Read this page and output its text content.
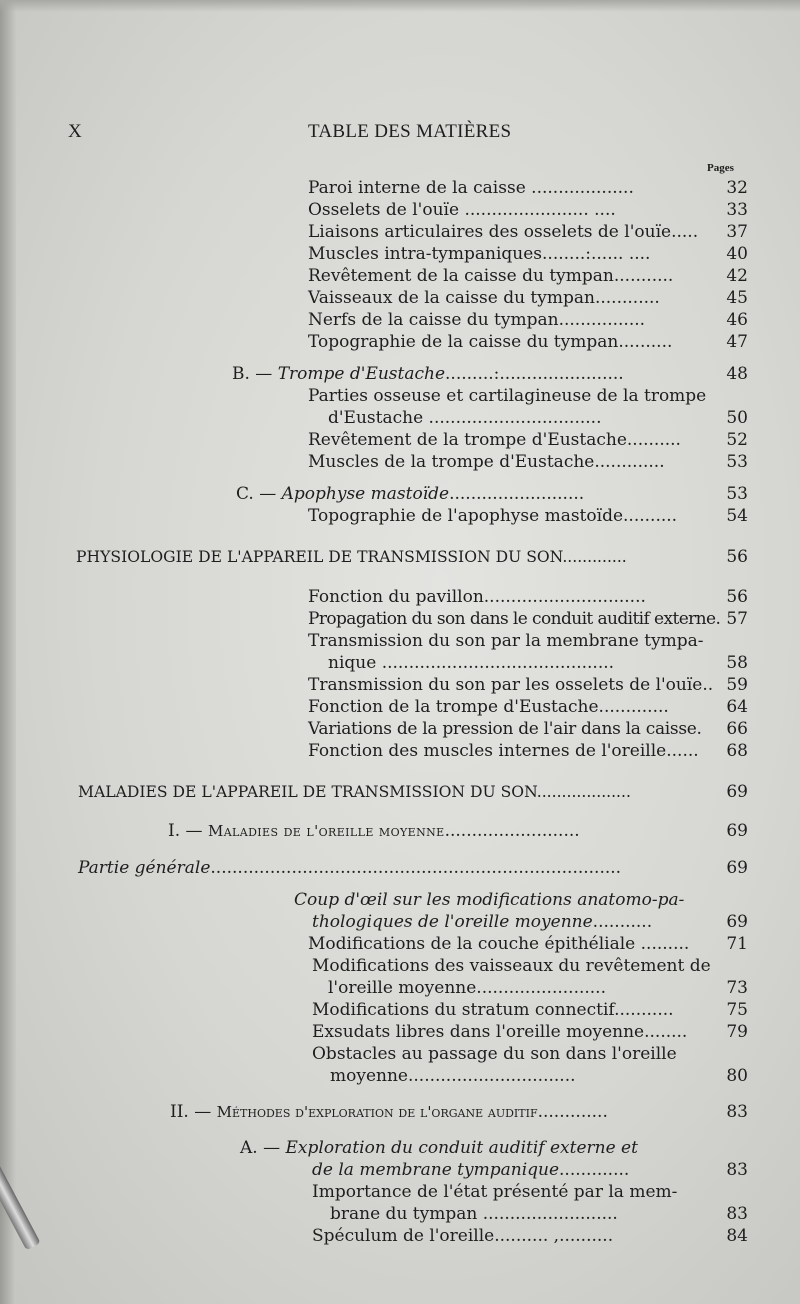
X	TABLE DES MATIÈRES
Pages
Paroi interne de la caisse ...................	32
Osselets de l'ouïe ....................... ....	33
Liaisons articulaires des osselets de l'ouïe..... 37
Muscles intra-tympaniques........:...... ....	40
Revêtement de la caisse du tympan...........	42
Vaisseaux de la caisse du tympan............	45
Nerfs de la caisse du tympan................	46
Topographie de la caisse du tympan..........	47
B. — Trompe d'Eustache.........:.......................	48
Parties osseuse et cartilagineuse de la trompe
d'Eustache ................................	50
Revêtement de la trompe d'Eustache..........	52
Muscles de la trompe d'Eustache.............	53
C. — Apophyse mastoïde.........................	53
Topographie de l'apophyse mastoïde..........	54
PHYSIOLOGIE DE L'APPAREIL DE TRANSMISSION DU SON.............	56
Fonction du pavillon..............................	56
Propagation du son dans le conduit auditif externe. 57
Transmission du son par la membrane tympa-
nique ...........................................	58
Transmission du son par les osselets de l'ouïe.. 59
Fonction de la trompe d'Eustache.............	64
Variations de la pression de l'air dans la caisse. 66
Fonction des muscles internes de l'oreille...... 68
MALADIES DE L'APPAREIL DE TRANSMISSION DU SON...................	69
I. — Maladies de l'oreille moyenne.........................	69
Partie générale............................................................................	69
Coup d'œil sur les modifications anatomo-pa-
thologiques de l'oreille moyenne...........	69
Modifications de la couche épithéliale ......... 71
Modifications des vaisseaux du revêtement de
l'oreille moyenne........................	73
Modifications du stratum connectif...........	75
Exsudats libres dans l'oreille moyenne........ 79
Obstacles au passage du son dans l'oreille
moyenne...............................	80
II. — Méthodes d'exploration de l'organe auditif.............	83
A. — Exploration du conduit auditif externe et
de la membrane tympanique.............	83
Importance de l'état présenté par la mem-
brane du tympan .........................	83
Spéculum de l'oreille.......... ,..........	84
